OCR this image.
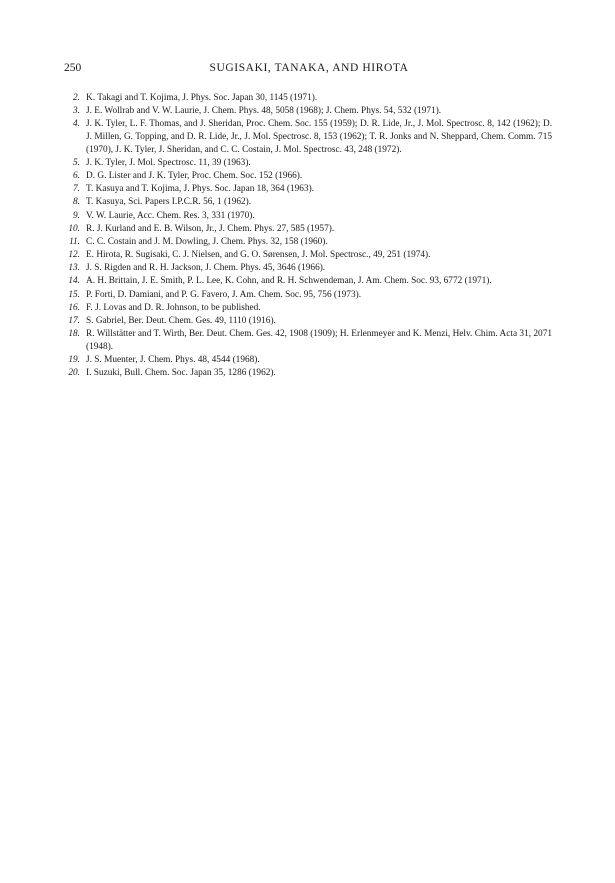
250	SUGISAKI, TANAKA, AND HIROTA
2. K. Takagi and T. Kojima, J. Phys. Soc. Japan 30, 1145 (1971).
3. J. E. Wollrab and V. W. Laurie, J. Chem. Phys. 48, 5058 (1968); J. Chem. Phys. 54, 532 (1971).
4. J. K. Tyler, L. F. Thomas, and J. Sheridan, Proc. Chem. Soc. 155 (1959); D. R. Lide, Jr., J. Mol. Spectrosc. 8, 142 (1962); D. J. Millen, G. Topping, and D. R. Lide, Jr., J. Mol. Spectrosc. 8, 153 (1962); T. R. Jonks and N. Sheppard, Chem. Comm. 715 (1970), J. K. Tyler, J. Sheridan, and C. C. Costain, J. Mol. Spectrosc. 43, 248 (1972).
5. J. K. Tyler, J. Mol. Spectrosc. 11, 39 (1963).
6. D. G. Lister and J. K. Tyler, Proc. Chem. Soc. 152 (1966).
7. T. Kasuya and T. Kojima, J. Phys. Soc. Japan 18, 364 (1963).
8. T. Kasuya, Sci. Papers I.P.C.R. 56, 1 (1962).
9. V. W. Laurie, Acc. Chem. Res. 3, 331 (1970).
10. R. J. Kurland and E. B. Wilson, Jr., J. Chem. Phys. 27, 585 (1957).
11. C. C. Costain and J. M. Dowling, J. Chem. Phys. 32, 158 (1960).
12. E. Hirota, R. Sugisaki, C. J. Nielsen, and G. O. Sørensen, J. Mol. Spectrosc., 49, 251 (1974).
13. J. S. Rigden and R. H. Jackson, J. Chem. Phys. 45, 3646 (1966).
14. A. H. Brittain, J. E. Smith, P. L. Lee, K. Cohn, and R. H. Schwendeman, J. Am. Chem. Soc. 93, 6772 (1971).
15. P. Forti, D. Damiani, and P. G. Favero, J. Am. Chem. Soc. 95, 756 (1973).
16. F. J. Lovas and D. R. Johnson, to be published.
17. S. Gabriel, Ber. Deut. Chem. Ges. 49, 1110 (1916).
18. R. Willstätter and T. Wirth, Ber. Deut. Chem. Ges. 42, 1908 (1909); H. Erlenmeyer and K. Menzi, Helv. Chim. Acta 31, 2071 (1948).
19. J. S. Muenter, J. Chem. Phys. 48, 4544 (1968).
20. I. Suzuki, Bull. Chem. Soc. Japan 35, 1286 (1962).
